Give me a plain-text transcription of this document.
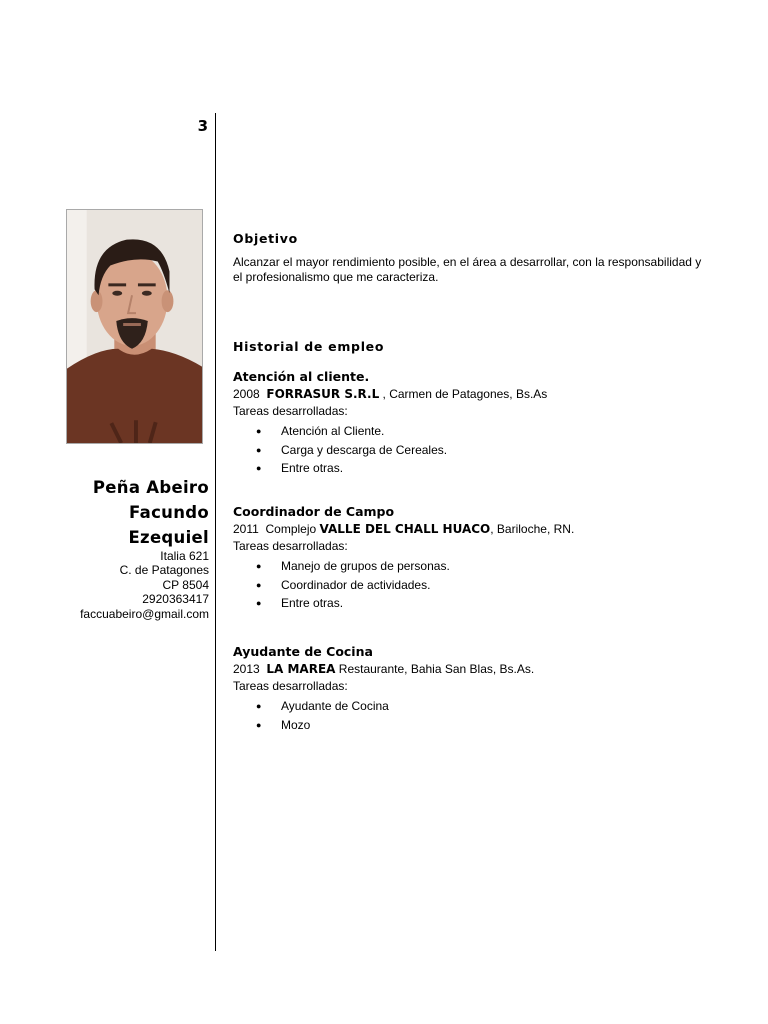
3
Peña Abeiro
Facundo
Ezequiel
Italia 621
C. de Patagones
CP 8504
2920363417
faccuabeiro@gmail.com
Objetivo
Alcanzar el mayor rendimiento posible, en el área a desarrollar, con la responsabilidad y el profesionalismo que me caracteriza.
Historial de empleo
Atención al cliente.
2008 FORRASUR S.R.L , Carmen de Patagones, Bs.As
Tareas desarrolladas:
● Atención al Cliente.
● Carga y descarga de Cereales.
● Entre otras.
Coordinador de Campo
2011 Complejo VALLE DEL CHALL HUACO, Bariloche, RN.
Tareas desarrolladas:
● Manejo de grupos de personas.
● Coordinador de actividades.
● Entre otras.
Ayudante de Cocina
2013 LA MAREA Restaurante, Bahia San Blas, Bs.As.
Tareas desarrolladas:
● Ayudante de Cocina
● Mozo
